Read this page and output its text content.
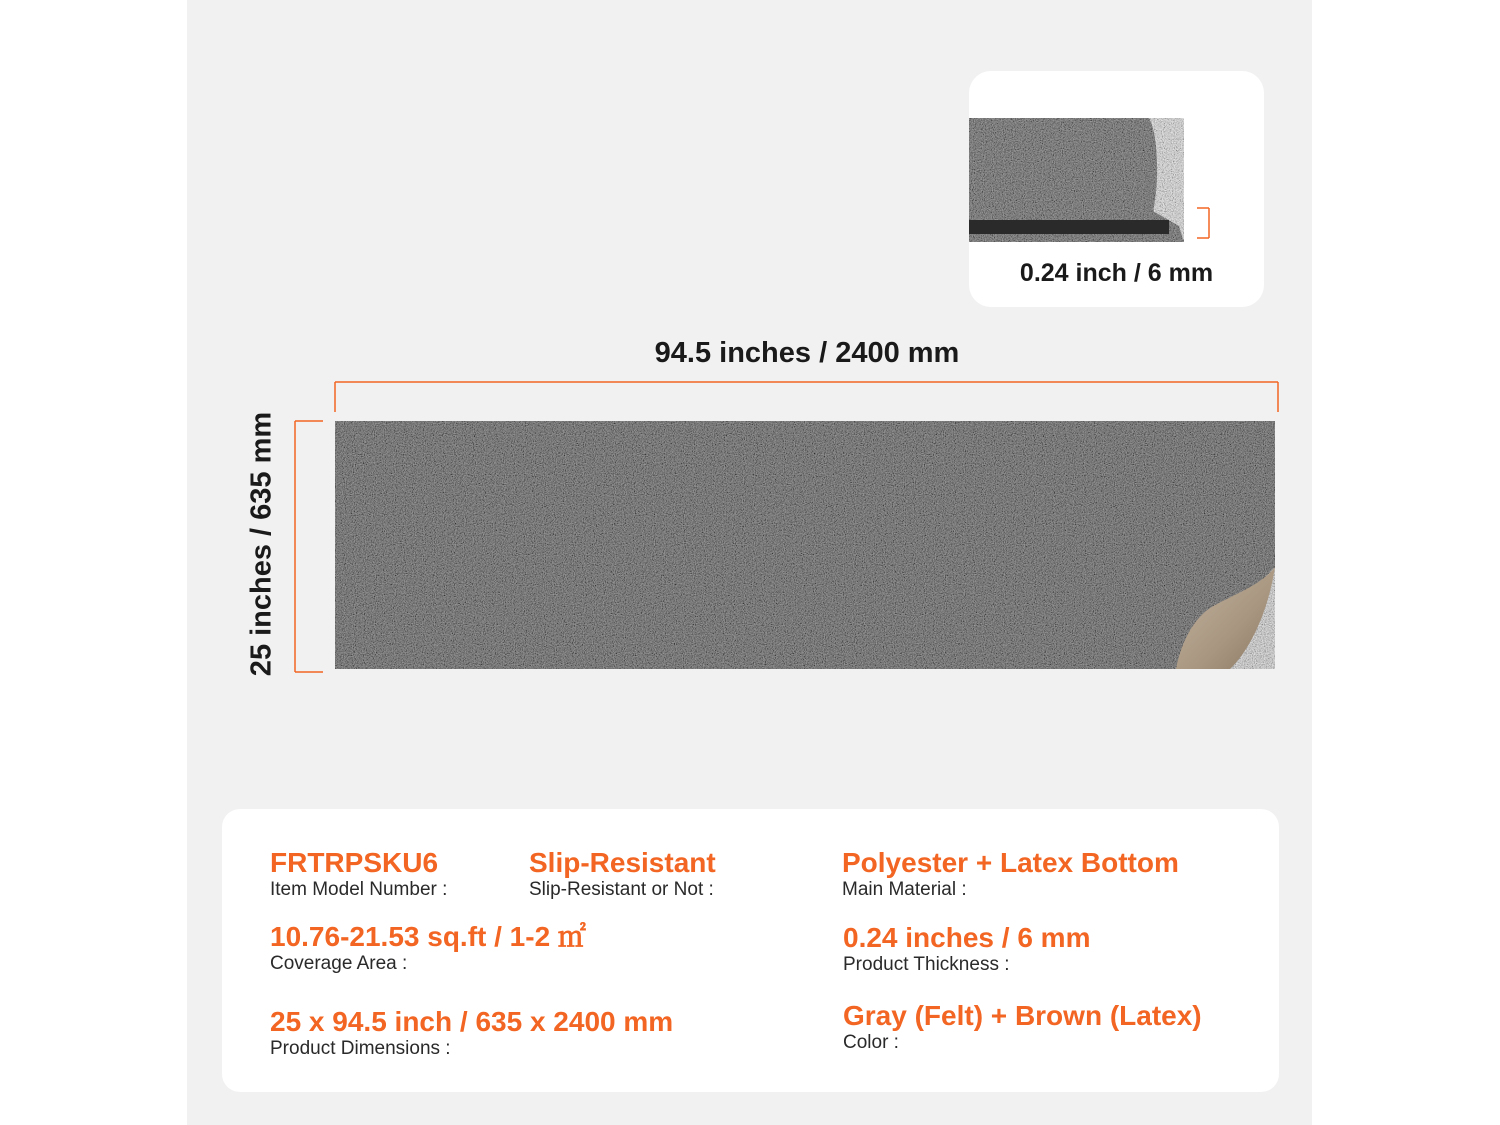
0.24 inch / 6 mm
94.5 inches / 2400 mm
25 inches / 635 mm
FRTRPSKU6
Item Model Number :
Slip-Resistant
Slip-Resistant or Not :
Polyester + Latex Bottom
Main Material :
10.76-21.53 sq.ft / 1-2 ㎡
Coverage Area :
0.24 inches / 6 mm
Product Thickness :
25 x 94.5 inch / 635 x 2400 mm
Product Dimensions :
Gray (Felt) + Brown (Latex)
Color :
